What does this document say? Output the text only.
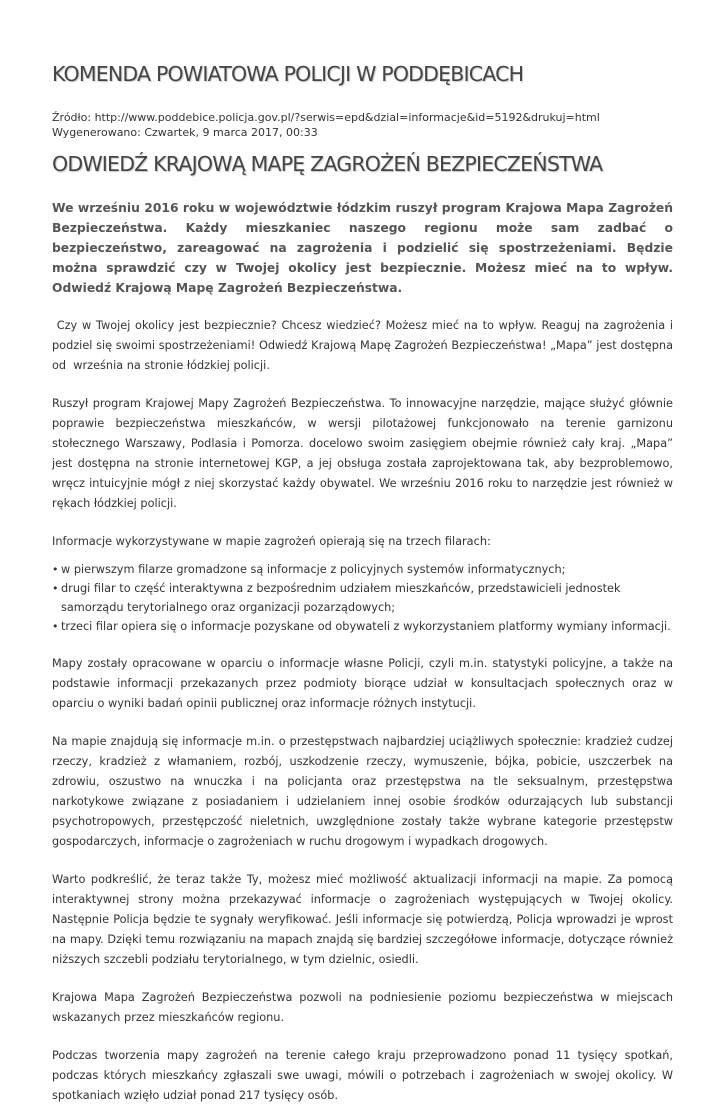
KOMENDA POWIATOWA POLICJI W PODDĘBICACH
Źródło: http://www.poddebice.policja.gov.pl/?serwis=epd&dzial=informacje&id=5192&drukuj=html
Wygenerowano: Czwartek, 9 marca 2017, 00:33
ODWIEDŹ KRAJOWĄ MAPĘ ZAGROŻEŃ BEZPIECZEŃSTWA
We wrześniu 2016 roku w województwie łódzkim ruszył program Krajowa Mapa Zagrożeń Bezpieczeństwa. Każdy mieszkaniec naszego regionu może sam zadbać o bezpieczeństwo, zareagować na zagrożenia i podzielić się spostrzeżeniami. Będzie można sprawdzić czy w Twojej okolicy jest bezpiecznie. Możesz mieć na to wpływ. Odwiedź Krajową Mapę Zagrożeń Bezpieczeństwa.
Czy w Twojej okolicy jest bezpiecznie? Chcesz wiedzieć? Możesz mieć na to wpływ. Reaguj na zagrożenia i podziel się swoimi spostrzeżeniami! Odwiedź Krajową Mapę Zagrożeń Bezpieczeństwa! „Mapa” jest dostępna od  września na stronie łódzkiej policji.
Ruszył program Krajowej Mapy Zagrożeń Bezpieczeństwa. To innowacyjne narzędzie, mające służyć głównie poprawie bezpieczeństwa mieszkańców, w wersji pilotażowej funkcjonowało na terenie garnizonu stołecznego Warszawy, Podlasia i Pomorza. docelowo swoim zasięgiem obejmie również cały kraj. „Mapa” jest dostępna na stronie internetowej KGP, a jej obsługa została zaprojektowana tak, aby bezproblemowo, wręcz intuicyjnie mógł z niej skorzystać każdy obywatel. We wrześniu 2016 roku to narzędzie jest również w rękach łódzkiej policji.
Informacje wykorzystywane w mapie zagrożeń opierają się na trzech filarach:
• w pierwszym filarze gromadzone są informacje z policyjnych systemów informatycznych;
• drugi filar to część interaktywna z bezpośrednim udziałem mieszkańców, przedstawicieli jednostek samorządu terytorialnego oraz organizacji pozarządowych;
• trzeci filar opiera się o informacje pozyskane od obywateli z wykorzystaniem platformy wymiany informacji.
Mapy zostały opracowane w oparciu o informacje własne Policji, czyli m.in. statystyki policyjne, a także na podstawie informacji przekazanych przez podmioty biorące udział w konsultacjach społecznych oraz w oparciu o wyniki badań opinii publicznej oraz informacje różnych instytucji.
Na mapie znajdują się informacje m.in. o przestępstwach najbardziej uciążliwych społecznie: kradzież cudzej rzeczy, kradzież z włamaniem, rozbój, uszkodzenie rzeczy, wymuszenie, bójka, pobicie, uszczerbek na zdrowiu, oszustwo na wnuczka i na policjanta oraz przestępstwa na tle seksualnym, przestępstwa narkotykowe związane z posiadaniem i udzielaniem innej osobie środków odurzających lub substancji psychotropowych, przestępczość nieletnich, uwzględnione zostały także wybrane kategorie przestępstw gospodarczych, informacje o zagrożeniach w ruchu drogowym i wypadkach drogowych.
Warto podkreślić, że teraz także Ty, możesz mieć możliwość aktualizacji informacji na mapie. Za pomocą interaktywnej strony można przekazywać informacje o zagrożeniach występujących w Twojej okolicy. Następnie Policja będzie te sygnały weryfikować. Jeśli informacje się potwierdzą, Policja wprowadzi je wprost na mapy. Dzięki temu rozwiązaniu na mapach znajdą się bardziej szczegółowe informacje, dotyczące również niższych szczebli podziału terytorialnego, w tym dzielnic, osiedli.
Krajowa Mapa Zagrożeń Bezpieczeństwa pozwoli na podniesienie poziomu bezpieczeństwa w miejscach wskazanych przez mieszkańców regionu.
Podczas tworzenia mapy zagrożeń na terenie całego kraju przeprowadzono ponad 11 tysięcy spotkań, podczas których mieszkańcy zgłaszali swe uwagi, mówili o potrzebach i zagrożeniach w swojej okolicy. W spotkaniach wzięło udział ponad 217 tysięcy osób.
